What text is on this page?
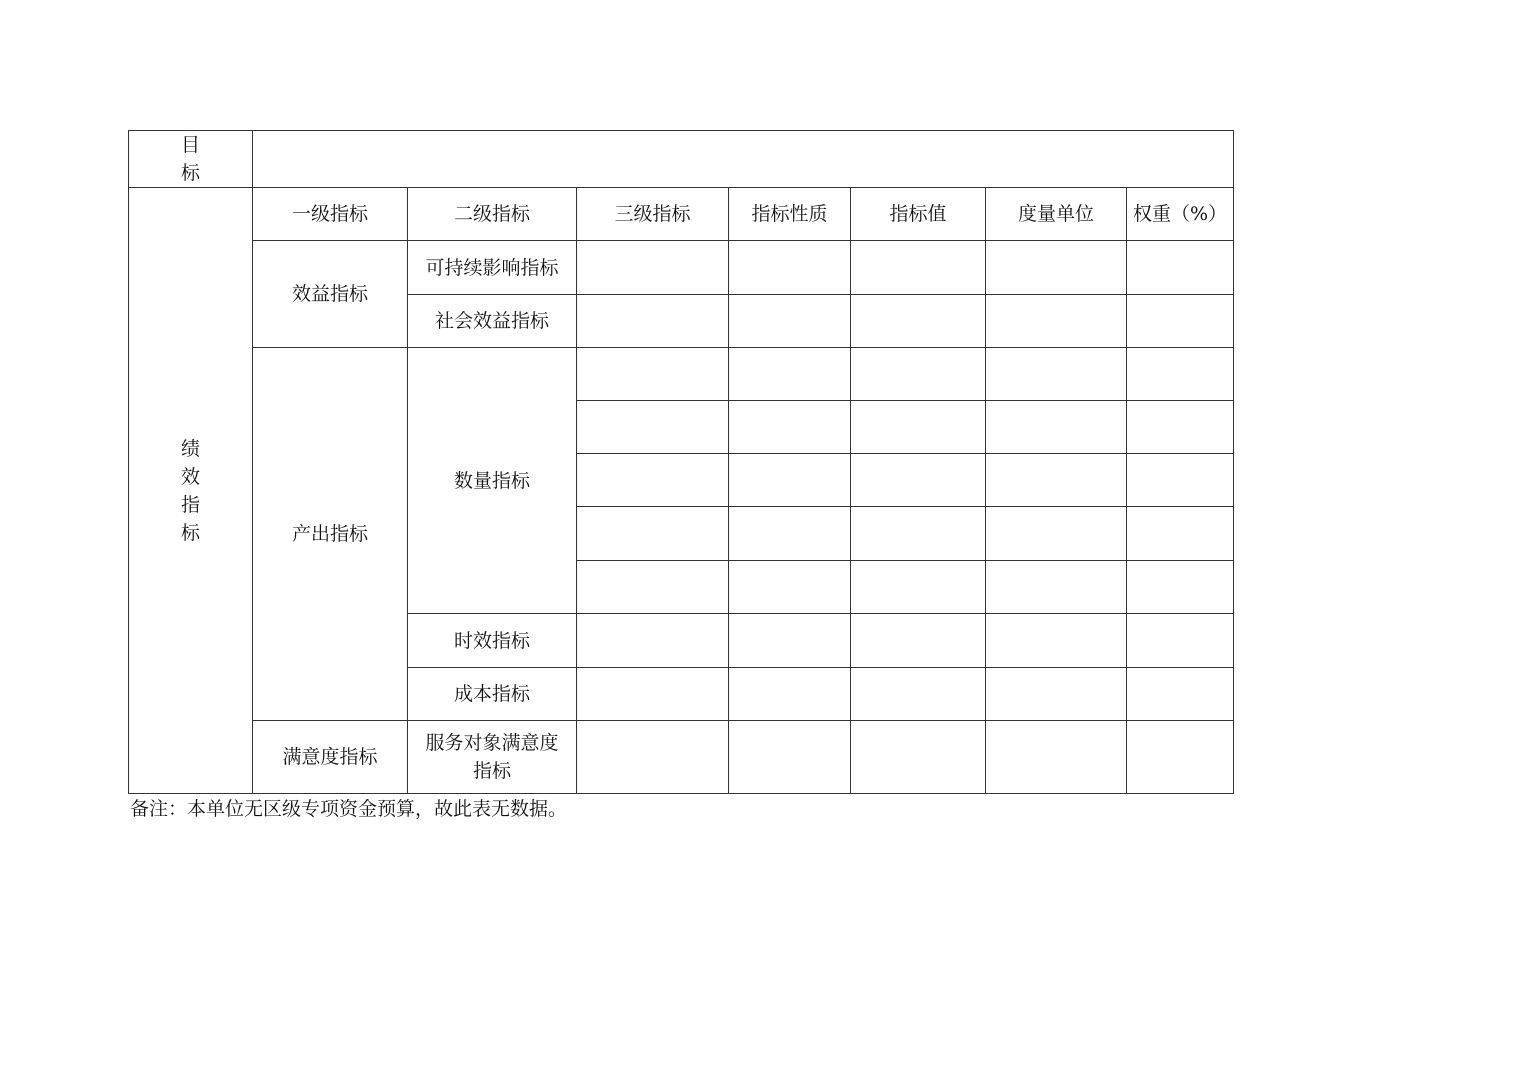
目标							
绩效指标	一级指标	二级指标	三级指标	指标性质	指标值	度量单位	权重（%）
	效益指标	可持续影响指标					
		社会效益指标					
	产出指标	数量指标					

		时效指标					
		成本指标					
	满意度指标	服务对象满意度指标					
备注：本单位无区级专项资金预算，故此表无数据。
